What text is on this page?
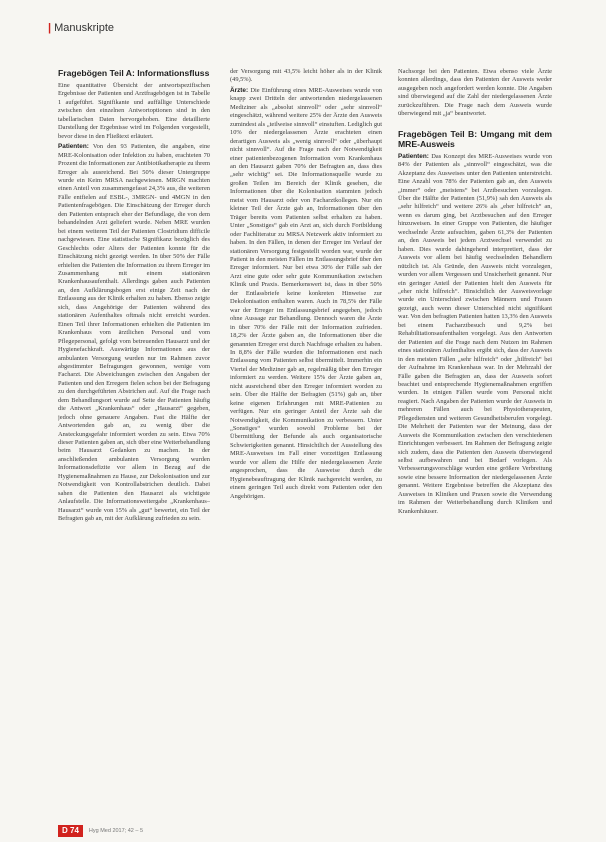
| Manuskripte
Fragebögen Teil A: Informationsfluss

Eine quantitative Übersicht der antwortspezifischen Ergebnisse der Patienten und Arztfragebögen ist in Tabelle 1 aufgeführt. Signifikante und auffällige Unterschiede zwischen den einzelnen Antwortoptionen sind in den tabellarischen Daten hervorgehoben. Eine detaillierte Darstellung der Ergebnisse wird im Folgenden vorgestellt, bevor diese in den Fließtext erläutert.

Patienten: Von den 93 Patienten, die angaben, eine MRE-Kolonisation oder Infektion zu haben, erachteten 70 Prozent die Informationen zur Antibiotikatherapie zu ihrem Erreger als ausreichend. Bei 50% dieser Untergruppe wurde ein Keim MRSA nachgewiesen. MRGN machten einen Anteil von zusammengefasst 24,3% aus, die weiteren Fälle entfielen auf ESBL-, 3MRGN- und 4MGN in den Patientenfragebögen. Die Einschätzung der Erreger durch den Patienten entsprach eher der Befundlage, die von dem behandelnden Arzt geliefert wurde. Neben MRE wurden bei einem weiteren Teil der Patienten Clostridium difficile nachgewiesen. Eine statistische Signifikanz bezüglich des Geschlechts oder Alters der Patienten konnte für die Einschätzung nicht gezeigt werden. In über 50% der Fälle erhielten die Patienten die Information zu ihrem Erreger im Zusammenhang mit einem stationären Krankenhausaufenthalt. Allerdings gaben auch Patienten an, den Aufklärungsbogen erst einige Zeit nach der Entlassung aus der Klinik erhalten zu haben. Ebenso zeigte sich, dass Angehörige der Patienten während des stationären Aufenthaltes oftmals nicht erreicht wurden. Einen Teil ihrer Informationen erhielten die Patienten im Krankenhaus vom ärztlichen Personal und vom Pflegepersonal, gefolgt vom betreuenden Hausarzt und der Hygienefachkraft. Auswärtige Informationen aus der ambulanten Versorgung wurden nur im Rahmen zuvor abgestimmter Befragungen gewonnen, wenige vom Facharzt. Die Abweichungen zwischen den Angaben der Patienten und den Erregern fielen schon bei der Befragung zu den durchgeführten Abstrichen auf. Auf die Frage nach dem Behandlungsort wurde auf Seite der Patienten häufig die Antwort „Krankenhaus“ oder „Hausarzt“ gegeben, jedoch ohne genauere Angaben. Fast die Hälfte der Antwortenden gab an, zu wenig über die Ansteckungsgefahr informiert worden zu sein. Etwa 70% dieser Patienten gaben an, sich über eine Weiterbehandlung beim Hausarzt Gedanken zu machen. In der anschließenden ambulanten Versorgung wurden Informationsdefizite vor allem in Bezug auf die Hygienemaßnahmen zu Hause, zur Dekolonisation und zur Notwendigkeit von Kontrollabstrichen deutlich. Dabei sahen die Patienten den Hausarzt als wichtigste Anlaufstelle. Die Informationsweitergabe „Krankenhaus–Hausarzt“ wurde von 15% als „gut“ bewertet, ein Teil der Befragten gab an, mit der Aufklärung zufrieden zu sein.

der Versorgung mit 43,5% leicht höher als in der Klinik (49,5%).

Ärzte: Die Einführung eines MRE-Ausweises wurde von knapp zwei Dritteln der antwortenden niedergelassenen Mediziner als „absolut sinnvoll“ oder „sehr sinnvoll“ eingeschätzt, während weitere 25% der Ärzte den Ausweis zumindest als „teilweise sinnvoll“ einstuften. Lediglich gut 10% der niedergelassenen Ärzte erachteten einen derartigen Ausweis als „wenig sinnvoll“ oder „überhaupt nicht sinnvoll“. Auf die Frage nach der Notwendigkeit einer patientenbezogenen Information vom Krankenhaus an den Hausarzt gaben 70% der Befragten an, dass dies „sehr wichtig“ sei. Die Informationsquelle wurde zu großen Teilen im Bereich der Klinik gesehen, die Informationen über die Kolonisation stammten jedoch meist vom Hausarzt oder von Facharztkollegen. Nur ein kleiner Teil der Ärzte gab an, Informationen über den Träger bereits vom Patienten selbst erhalten zu haben. Unter „Sonstiges“ gab ein Arzt an, sich durch Fortbildung oder Fachliteratur zu MRSA Netzwerk aktiv informiert zu haben. In den Fällen, in denen der Erreger im Verlauf der stationären Versorgung festgestellt worden war, wurde der Patient in den meisten Fällen im Entlassungsbrief über den Erreger informiert. Nur bei etwa 30% der Fälle sah der Arzt eine gute oder sehr gute Kommunikation zwischen Klinik und Praxis. Bemerkenswert ist, dass in über 50% der Entlassbriefe keine konkreten Hinweise zur Dekolonisation enthalten waren. Auch in 78,5% der Fälle war der Erreger im Entlassungsbrief angegeben, jedoch ohne Aussage zur Behandlung. Dennoch waren die Ärzte in über 70% der Fälle mit der Information zufrieden. 18,2% der Ärzte gaben an, die Informationen über die genannten Erreger erst durch Nachfrage erhalten zu haben. In 8,8% der Fälle wurden die Informationen erst nach Entlassung vom Patienten selbst übermittelt. Immerhin ein Viertel der Mediziner gab an, regelmäßig über den Erreger informiert zu werden. Weitere 15% der Ärzte gaben an, nicht ausreichend über den Erreger informiert worden zu sein. Über die Hälfte der Befragten (51%) gab an, über keine eigenen Erfahrungen mit MRE-Patienten zu verfügen. Nur ein geringer Anteil der Ärzte sah die Notwendigkeit, die Kommunikation zu verbessern. Unter „Sonstiges“ wurden sowohl Probleme bei der Übermittlung der Befunde als auch organisatorische Schwierigkeiten genannt. Hinsichtlich der Ausstellung des MRE-Ausweises im Fall einer vorzeitigen Entlassung wurde vor allem die Hilfe der niedergelassenen Ärzte angesprochen, dass die Ausweise durch die Hygienebeauftragung der Klinik nachgereicht werden, zu einem geringen Teil auch direkt vom Patienten oder den Angehörigen.

Nachsorge bei den Patienten. Etwa ebenso viele Ärzte konnten allerdings, dass den Patienten der Ausweis weder ausgegeben noch angefordert werden konnte. Die Angaben sind überwiegend auf die Zahl der niedergelassenen Ärzte zurückzuführen. Die Frage nach dem Ausweis wurde überwiegend mit „ja“ beantwortet.

Fragebögen Teil B: Umgang mit dem MRE-Ausweis

Patienten: Das Konzept des MRE-Ausweises wurde von 84% der Patienten als „sinnvoll“ eingeschätzt, was die Akzeptanz des Ausweises unter den Patienten unterstreicht. Eine Anzahl von 78% der Patienten gab an, den Ausweis „immer“ oder „meistens“ bei Arztbesuchen vorzulegen. Über die Hälfte der Patienten (51,9%) sah den Ausweis als „sehr hilfreich“ und weitere 26% als „eher hilfreich“ an, wenn es darum ging, bei Arztbesuchen auf den Erreger hinzuweisen. In einer Gruppe von Patienten, die häufiger wechselnde Ärzte aufsuchten, gaben 61,3% der Patienten an, den Ausweis bei jedem Arztwechsel verwendet zu haben. Dies wurde dahingehend interpretiert, dass der Ausweis vor allem bei häufig wechselnden Behandlern nützlich ist. Als Gründe, den Ausweis nicht vorzulegen, wurden vor allem Vergessen und Unsicherheit genannt. Nur ein geringer Anteil der Patienten hielt den Ausweis für „eher nicht hilfreich“. Hinsichtlich der Ausweisvorlage wurde ein Unterschied zwischen Männern und Frauen gezeigt, auch wenn dieser Unterschied nicht signifikant war. Von den befragten Patienten hatten 13,3% den Ausweis bei einem Facharztbesuch und 9,2% bei Rehabilitationsaufenthalten vorgelegt. Aus den Antworten der Patienten auf die Frage nach dem Nutzen im Rahmen eines stationären Aufenthaltes ergibt sich, dass der Ausweis in den meisten Fällen „sehr hilfreich“ oder „hilfreich“ bei der Aufnahme im Krankenhaus war. In der Mehrzahl der Fälle gaben die Befragten an, dass der Ausweis sofort beachtet und entsprechende Hygienemaßnahmen ergriffen wurden. In einigen Fällen wurde vom Personal nicht reagiert. Nach Angaben der Patienten wurde der Ausweis in mehreren Fällen auch bei Physiotherapeuten, Pflegediensten und weiteren Gesundheitsberufen vorgelegt. Die Mehrheit der Patienten war der Meinung, dass der Ausweis die Kommunikation zwischen den verschiedenen Einrichtungen verbessert. Im Rahmen der Befragung zeigte sich zudem, dass die Patienten den Ausweis überwiegend selbst aufbewahren und bei Bedarf vorlegen. Als Verbesserungsvorschläge wurden eine größere Verbreitung sowie eine bessere Information der niedergelassenen Ärzte genannt. Weitere Ergebnisse betreffen die Akzeptanz des Ausweises in Kliniken und Praxen sowie die Verwendung im Rahmen der Weiterbehandlung durch Kliniken und Krankenhäuser.

D 74	Hyg Med 2017; 42 – 5
